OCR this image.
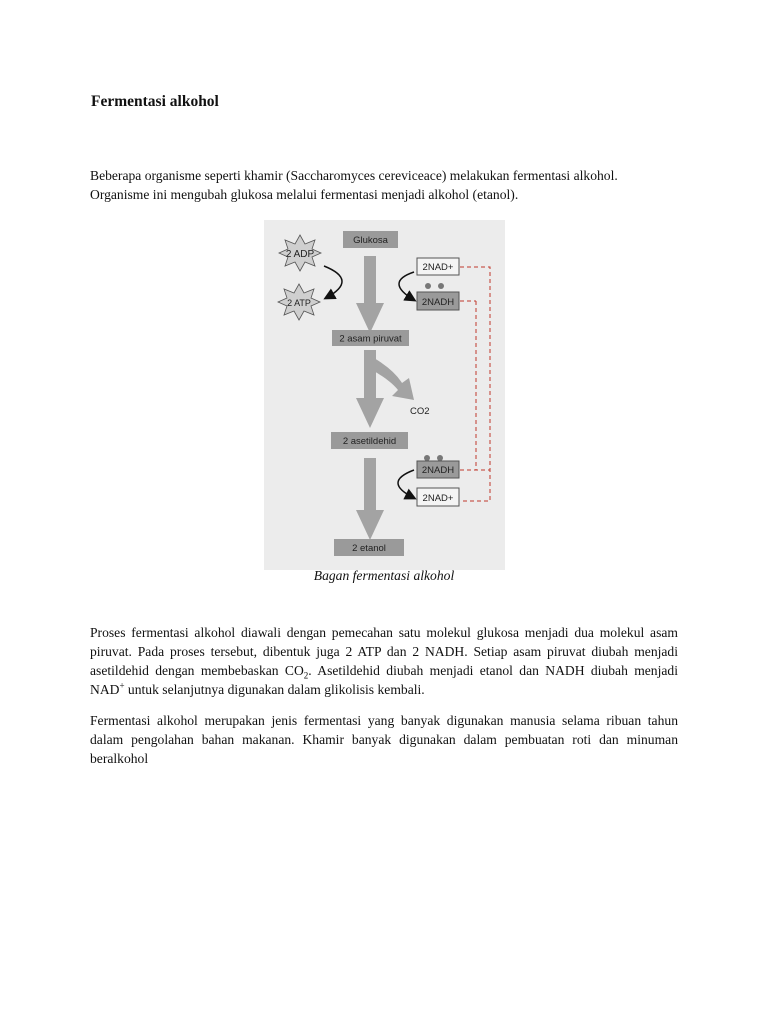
Fermentasi alkohol

Beberapa organisme seperti khamir (Saccharomyces cereviceace) melakukan fermentasi alkohol. Organisme ini mengubah glukosa melalui fermentasi menjadi alkohol (etanol).

Glukosa
2 asam piruvat
2 asetildehid
2 etanol
2 ADP
2 ATP
2NAD+
2NADH
CO2
2NADH
2NAD+

Bagan fermentasi alkohol

Proses fermentasi alkohol diawali dengan pemecahan satu molekul glukosa menjadi dua molekul asam piruvat. Pada proses tersebut, dibentuk juga 2 ATP dan 2 NADH. Setiap asam piruvat diubah menjadi asetildehid dengan membebaskan $CO_2$. Asetildehid diubah menjadi etanol dan NADH diubah menjadi NAD+ untuk selanjutnya digunakan dalam glikolisis kembali.

Fermentasi alkohol merupakan jenis fermentasi yang banyak digunakan manusia selama ribuan tahun dalam pengolahan bahan makanan. Khamir banyak digunakan dalam pembuatan roti dan minuman beralkohol
